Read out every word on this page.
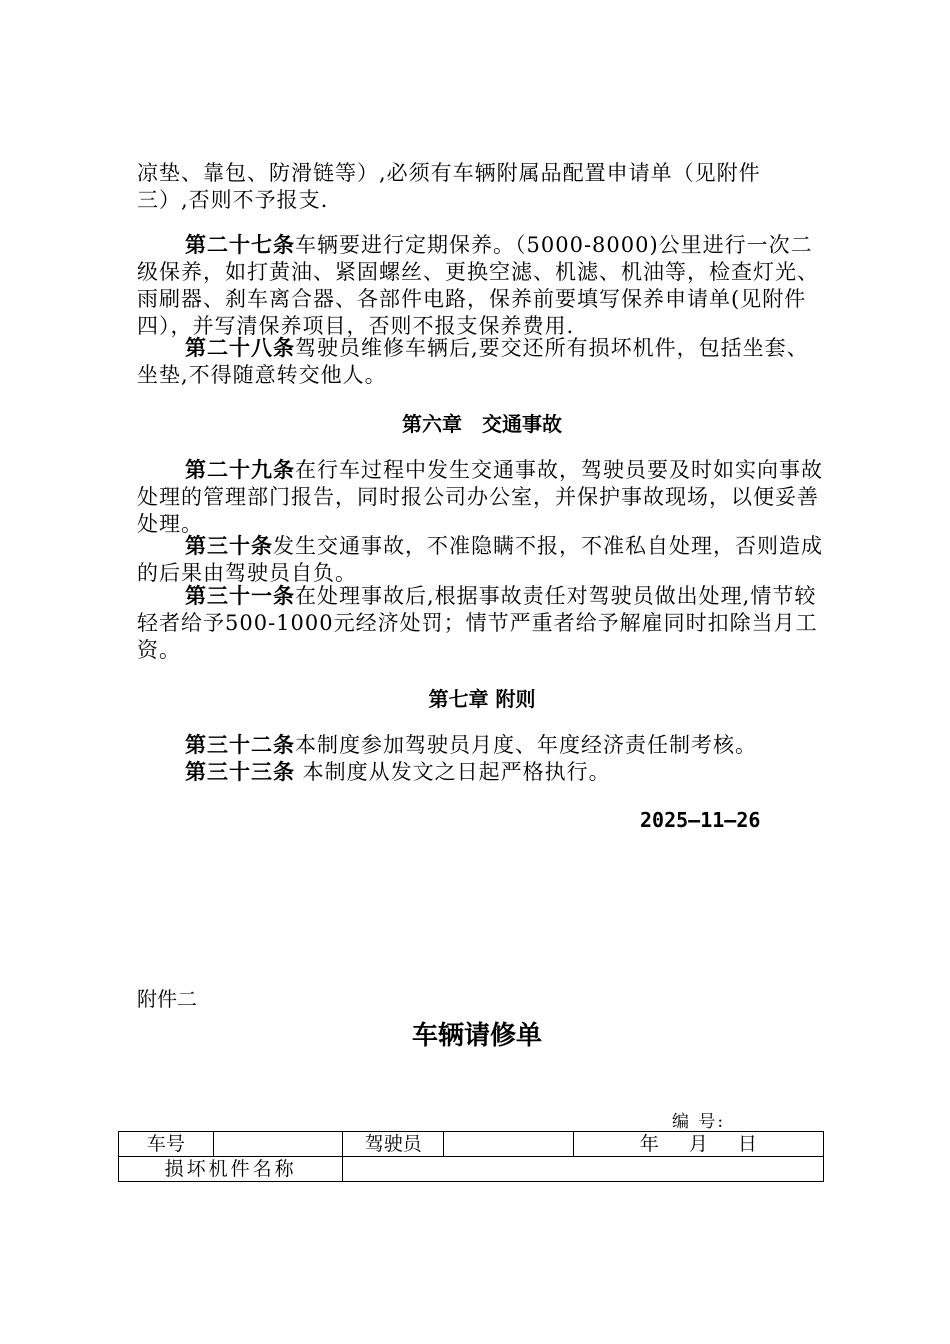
凉垫、靠包、防滑链等）,必须有车辆附属品配置申请单（见附件
三）,否则不予报支.
第二十七条车辆要进行定期保养。（5000-8000)公里进行一次二级保养，如打黄油、紧固螺丝、更换空滤、机滤、机油等，检查灯光、雨刷器、刹车离合器、各部件电路，保养前要填写保养申请单(见附件四），并写清保养项目，否则不报支保养费用.
第二十八条驾驶员维修车辆后,要交还所有损坏机件，包括坐套、坐垫,不得随意转交他人。
第六章　交通事故
第二十九条在行车过程中发生交通事故，驾驶员要及时如实向事故处理的管理部门报告，同时报公司办公室，并保护事故现场，以便妥善处理。
第三十条发生交通事故，不准隐瞒不报，不准私自处理，否则造成的后果由驾驶员自负。
第三十一条在处理事故后,根据事故责任对驾驶员做出处理,情节较轻者给予500-1000元经济处罚；情节严重者给予解雇同时扣除当月工资。
第七章 附则
第三十二条本制度参加驾驶员月度、年度经济责任制考核。
第三十三条 本制度从发文之日起严格执行。
2025—11—26
附件二
车辆请修单
编 号:
车号		驾驶员		年 月 日
损坏机件名称				
